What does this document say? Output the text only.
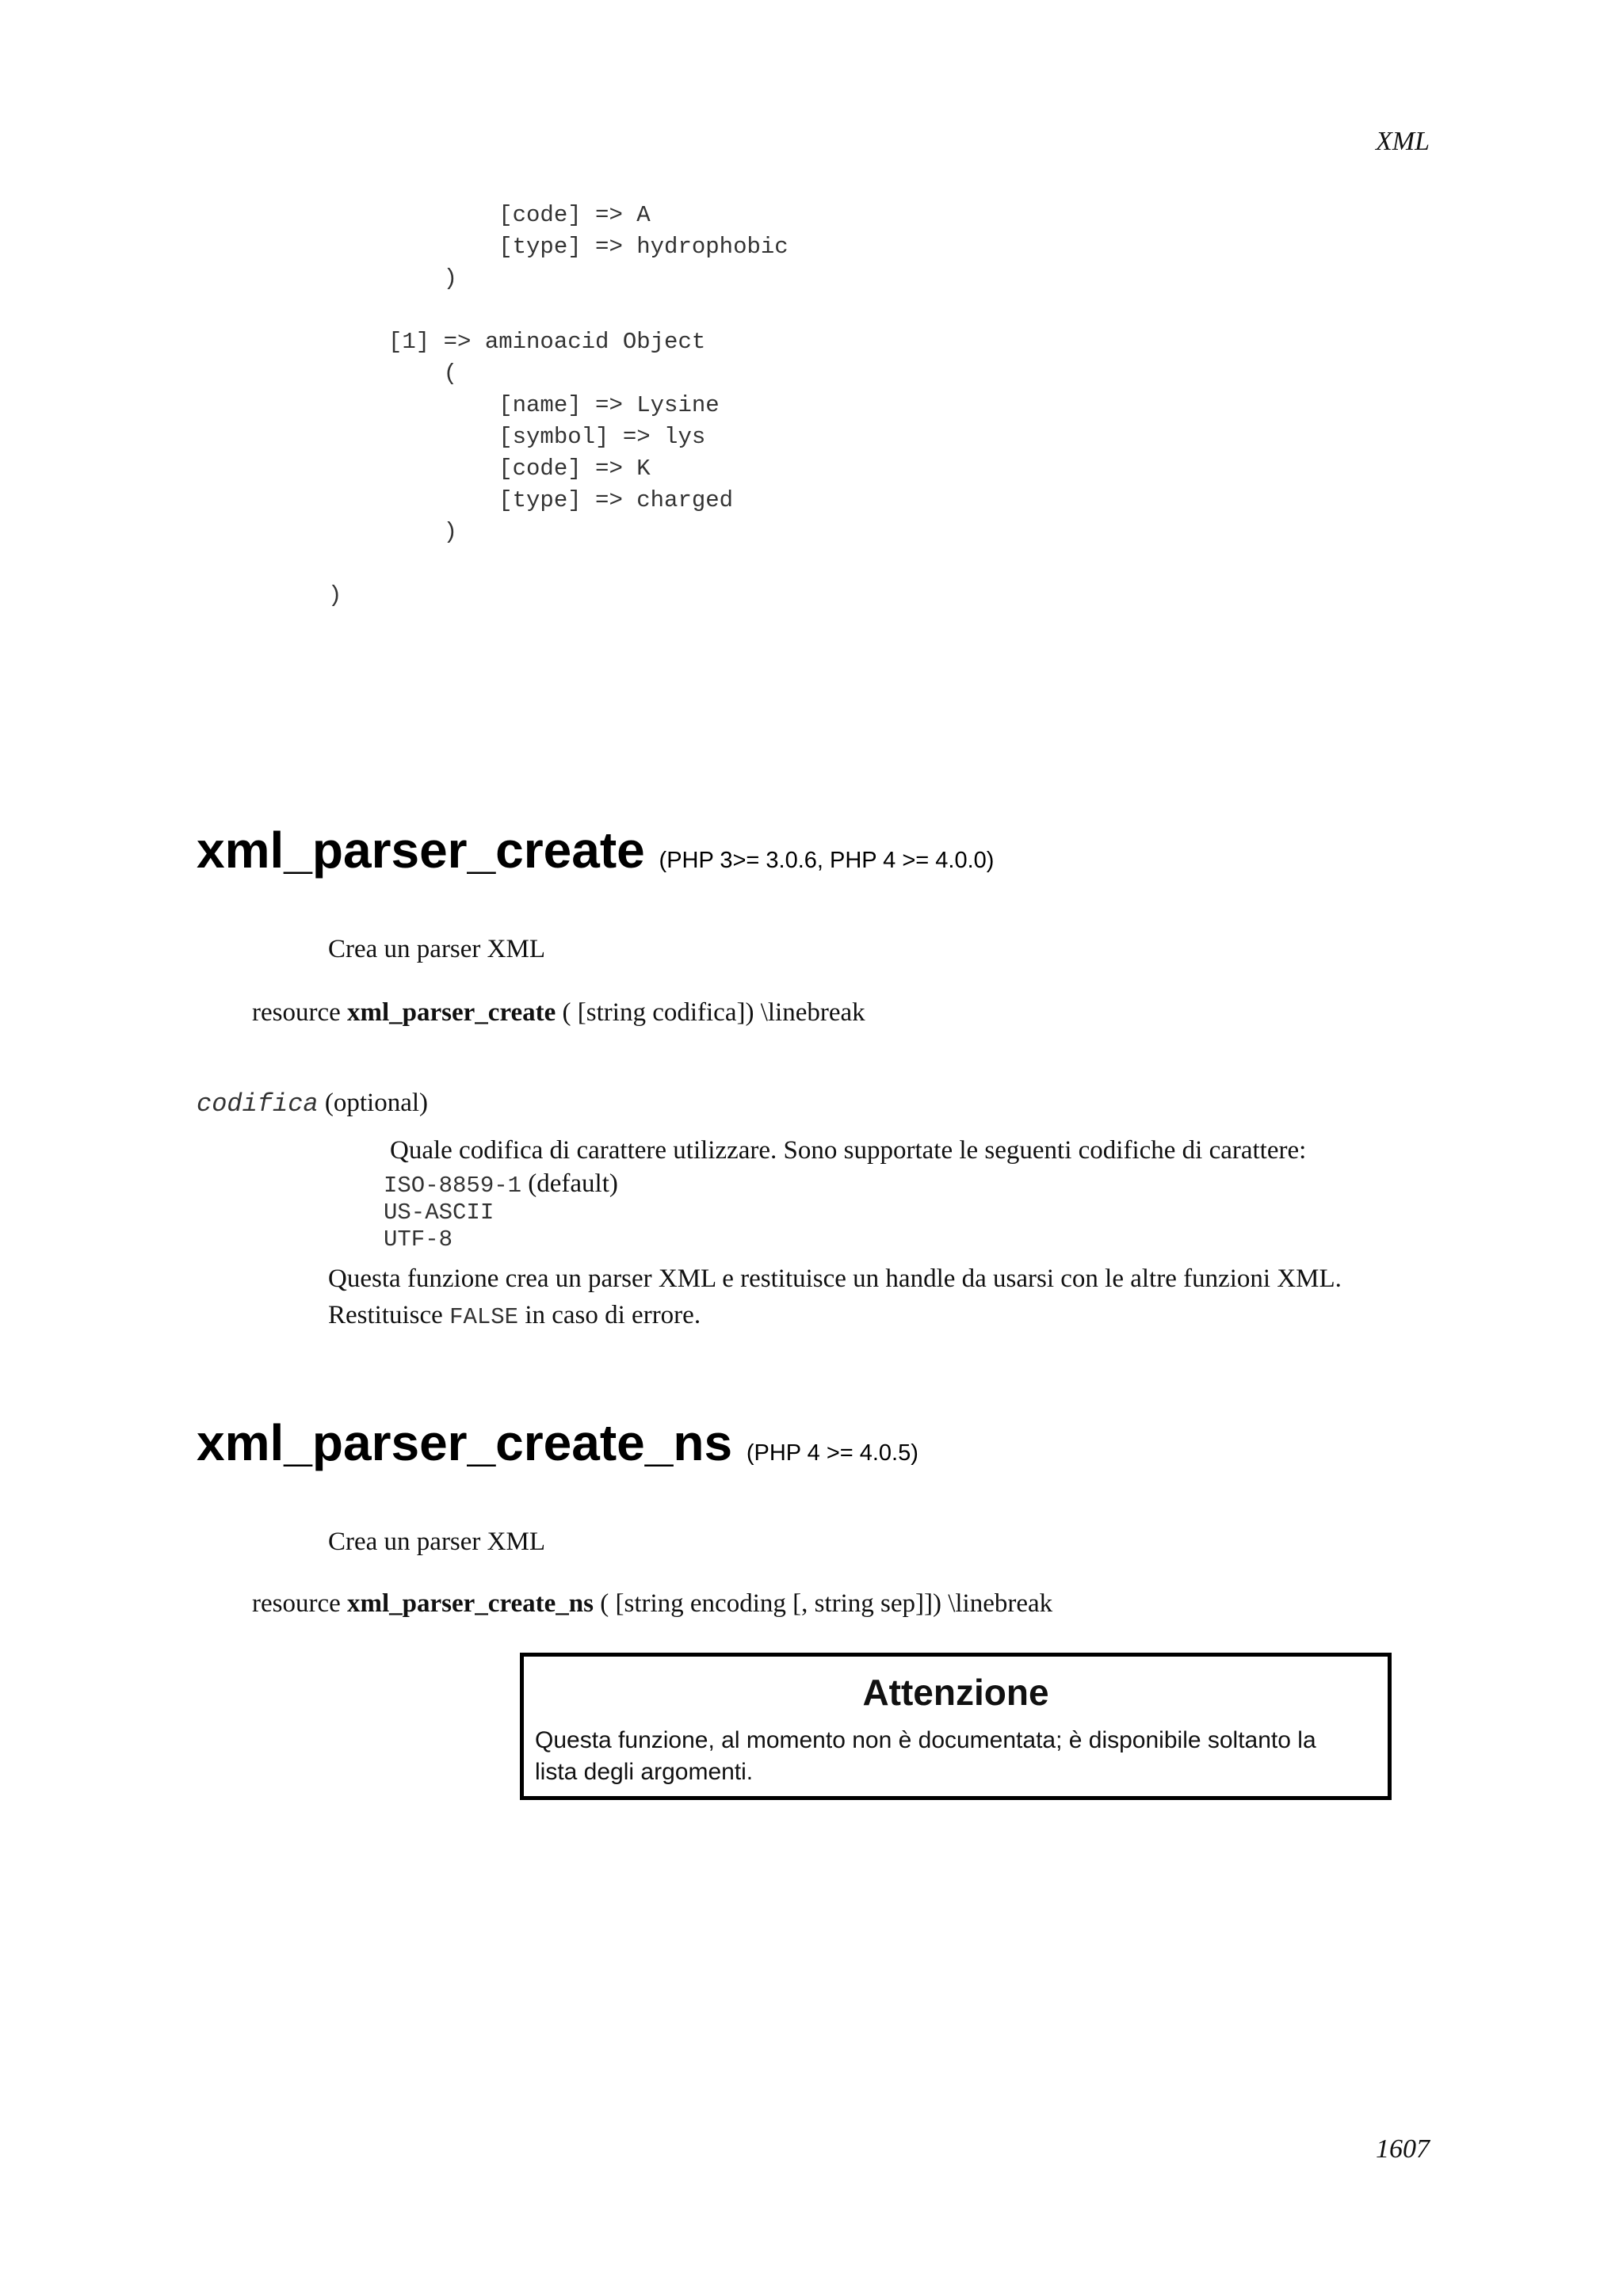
XML
[code] => A
[type] => hydrophobic
)
[1] => aminoacid Object
(
[name] => Lysine
[symbol] => lys
[code] => K
[type] => charged
)
)
xml_parser_create (PHP 3>= 3.0.6, PHP 4 >= 4.0.0)
Crea un parser XML
resource xml_parser_create ( [string codifica]) \linebreak
codifica (optional)
Quale codifica di carattere utilizzare. Sono supportate le seguenti codifiche di carattere:
ISO-8859-1 (default)
US-ASCII
UTF-8
Questa funzione crea un parser XML e restituisce un handle da usarsi con le altre funzioni XML.
Restituisce FALSE in caso di errore.
xml_parser_create_ns (PHP 4 >= 4.0.5)
Crea un parser XML
resource xml_parser_create_ns ( [string encoding [, string sep]]) \linebreak
Attenzione
Questa funzione, al momento non è documentata; è disponibile soltanto la
lista degli argomenti.
1607
